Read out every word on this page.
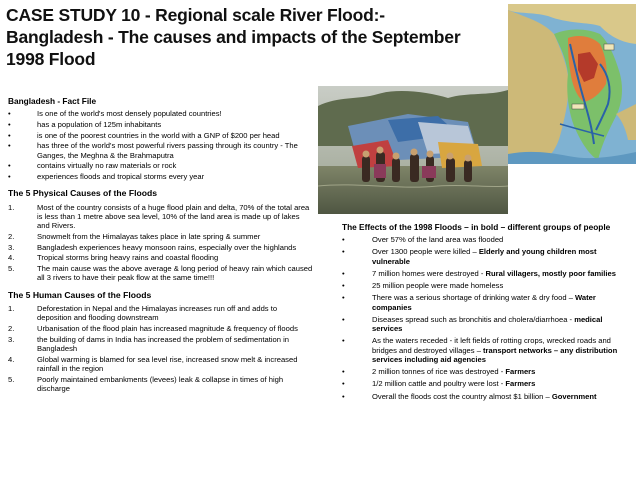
CASE STUDY 10 - Regional scale River Flood:-
Bangladesh - The causes and impacts of the September
1998 Flood
Bangladesh - Fact File
•	Is one of the world's most densely populated countries!
•	has a population of 125m inhabitants
•	is one of the poorest countries in the world with a GNP of $200 per head
•	has three of the world's most powerful rivers passing through its country - The Ganges, the Meghna & the Brahmaputra
•	contains virtually no raw materials or rock
•	experiences floods and tropical storms every year
The 5 Physical Causes of the Floods
1.	Most of the country consists of a huge flood plain and delta, 70% of the total area is less than 1 metre above sea level, 10% of the land area is made up of lakes and Rivers.
2.	Snowmelt from the Himalayas takes place in late spring & summer
3.	Bangladesh experiences heavy monsoon rains, especially over the highlands
4.	Tropical storms bring heavy rains and coastal flooding
5.	The main cause was the above average & long period of heavy rain which caused all 3 rivers to have their peak flow at the same time!!!
The 5 Human Causes of the Floods
1.	Deforestation in Nepal and the Himalayas increases run off and adds to deposition and flooding downstream
2.	Urbanisation of the flood plain has increased magnitude & frequency of floods
3.	the building of dams in India has increased the problem of sedimentation in Bangladesh
4.	Global warming is blamed for sea level rise, increased snow melt & increased rainfall in the region
5.	Poorly maintained embankments (levees) leak & collapse in times of high discharge
The Effects of the 1998 Floods – in bold – different groups of people
•	Over 57% of the land area was flooded
•	Over 1300 people were killed – Elderly and young children most vulnerable
•	7 million homes were destroyed - Rural villagers, mostly poor families
•	25 million people were made homeless
•	There was a serious shortage of drinking water & dry food – Water companies
•	Diseases spread such as bronchitis and cholera/diarrhoea - medical services
•	As the waters receded - it left fields of rotting crops, wrecked roads and bridges and destroyed villages – transport networks – any distribution services including aid agencies
•	2 million tonnes of rice was destroyed - Farmers
•	1/2 million cattle and poultry were lost - Farmers
•	Overall the floods cost the country almost $1 billion – Government
